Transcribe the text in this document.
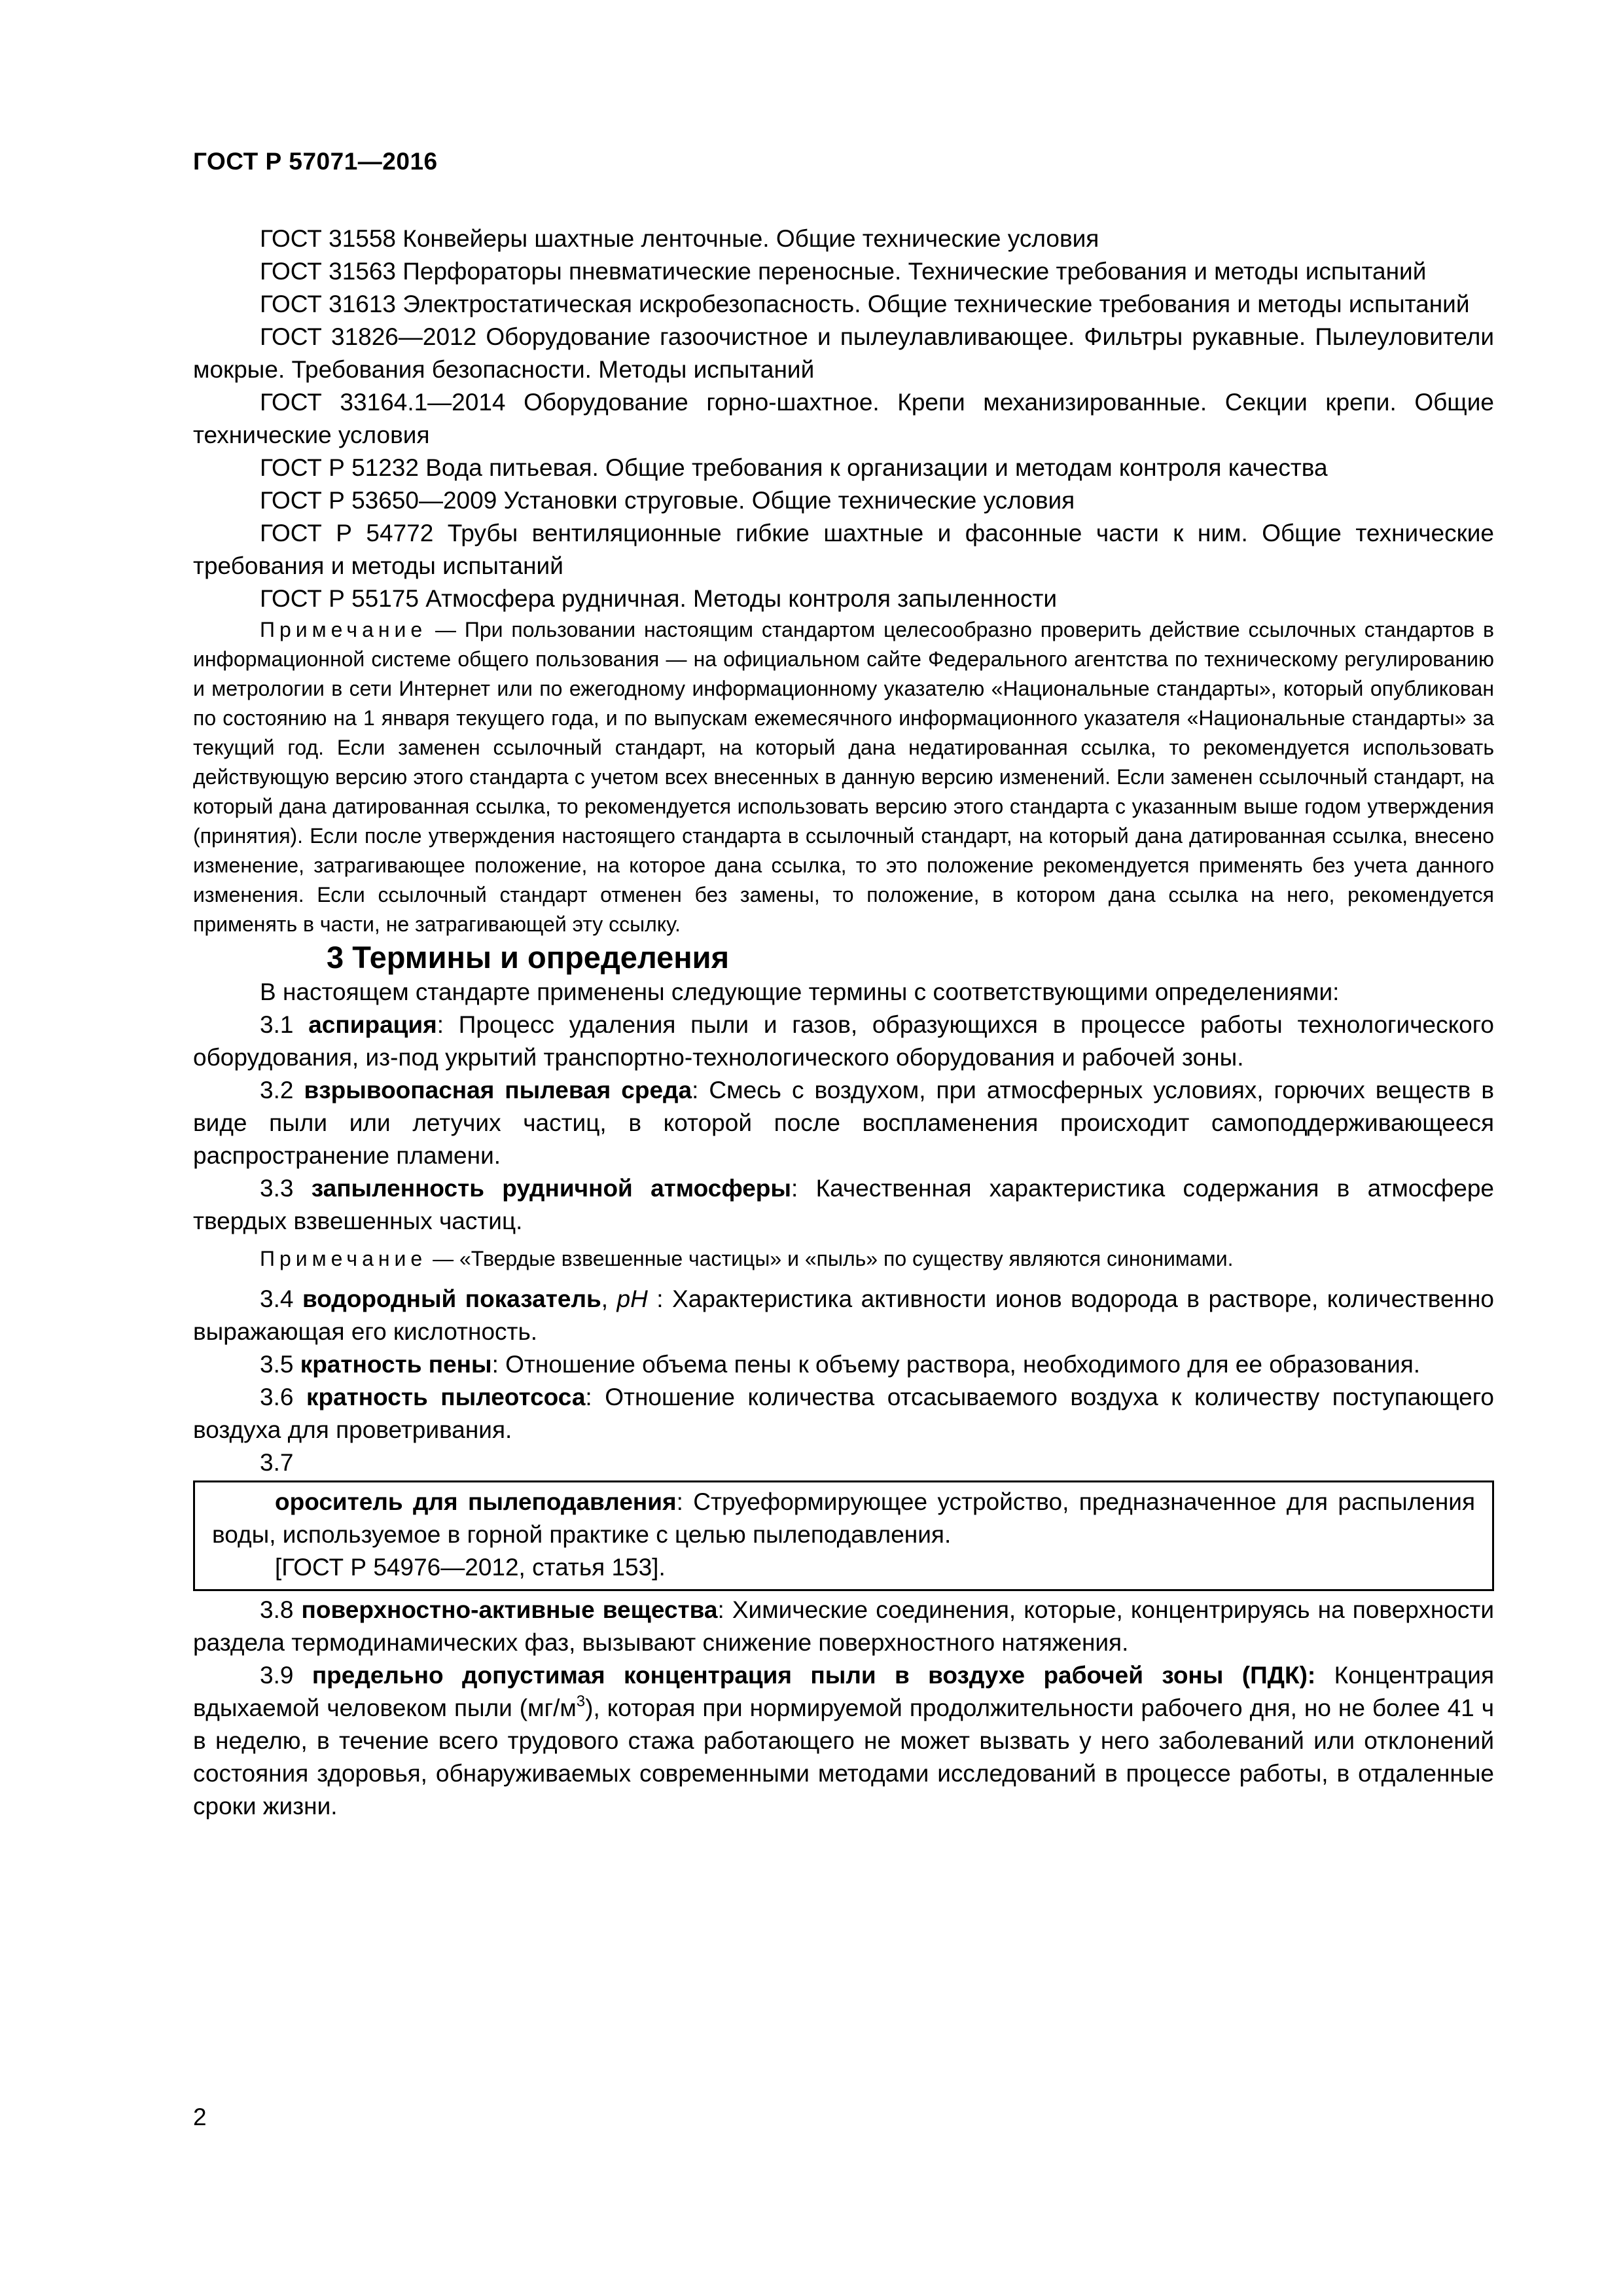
ГОСТ Р 57071—2016

ГОСТ 31558 Конвейеры шахтные ленточные. Общие технические условия

ГОСТ 31563 Перфораторы пневматические переносные. Технические требования и методы испытаний

ГОСТ 31613 Электростатическая искробезопасность. Общие технические требования и методы испытаний

ГОСТ 31826—2012 Оборудование газоочистное и пылеулавливающее. Фильтры рукавные. Пылеуловители мокрые. Требования безопасности. Методы испытаний

ГОСТ 33164.1—2014 Оборудование горно-шахтное. Крепи механизированные. Секции крепи. Общие технические условия

ГОСТ Р 51232 Вода питьевая. Общие требования к организации и методам контроля качества

ГОСТ Р 53650—2009 Установки струговые. Общие технические условия

ГОСТ Р 54772 Трубы вентиляционные гибкие шахтные и фасонные части к ним. Общие технические требования и методы испытаний

ГОСТ Р 55175 Атмосфера рудничная. Методы контроля запыленности

Примечание — При пользовании настоящим стандартом целесообразно проверить действие ссылочных стандартов в информационной системе общего пользования — на официальном сайте Федерального агентства по техническому регулированию и метрологии в сети Интернет или по ежегодному информационному указателю «Национальные стандарты», который опубликован по состоянию на 1 января текущего года, и по выпускам ежемесячного информационного указателя «Национальные стандарты» за текущий год. Если заменен ссылочный стандарт, на который дана недатированная ссылка, то рекомендуется использовать действующую версию этого стандарта с учетом всех внесенных в данную версию изменений. Если заменен ссылочный стандарт, на который дана датированная ссылка, то рекомендуется использовать версию этого стандарта с указанным выше годом утверждения (принятия). Если после утверждения настоящего стандарта в ссылочный стандарт, на который дана датированная ссылка, внесено изменение, затрагивающее положение, на которое дана ссылка, то это положение рекомендуется применять без учета данного изменения. Если ссылочный стандарт отменен без замены, то положение, в котором дана ссылка на него, рекомендуется применять в части, не затрагивающей эту ссылку.

3 Термины и определения

В настоящем стандарте применены следующие термины с соответствующими определениями:

3.1 аспирация: Процесс удаления пыли и газов, образующихся в процессе работы технологического оборудования, из-под укрытий транспортно-технологического оборудования и рабочей зоны.

3.2 взрывоопасная пылевая среда: Смесь с воздухом, при атмосферных условиях, горючих веществ в виде пыли или летучих частиц, в которой после воспламенения происходит самоподдерживающееся распространение пламени.

3.3 запыленность рудничной атмосферы: Качественная характеристика содержания в атмосфере твердых взвешенных частиц.

Примечание — «Твердые взвешенные частицы» и «пыль» по существу являются синонимами.

3.4 водородный показатель, pH : Характеристика активности ионов водорода в растворе, количественно выражающая его кислотность.

3.5 кратность пены: Отношение объема пены к объему раствора, необходимого для ее образования.

3.6 кратность пылеотсоса: Отношение количества отсасываемого воздуха к количеству поступающего воздуха для проветривания.

3.7

ороситель для пылеподавления: Струеформирующее устройство, предназначенное для распыления воды, используемое в горной практике с целью пылеподавления.

[ГОСТ Р 54976—2012, статья 153].

3.8 поверхностно-активные вещества: Химические соединения, которые, концентрируясь на поверхности раздела термодинамических фаз, вызывают снижение поверхностного натяжения.

3.9 предельно допустимая концентрация пыли в воздухе рабочей зоны (ПДК): Концентрация вдыхаемой человеком пыли $(мг/м^3)$, которая при нормируемой продолжительности рабочего дня, но не более 41 ч в неделю, в течение всего трудового стажа работающего не может вызвать у него заболеваний или отклонений состояния здоровья, обнаруживаемых современными методами исследований в процессе работы, в отдаленные сроки жизни.

2
